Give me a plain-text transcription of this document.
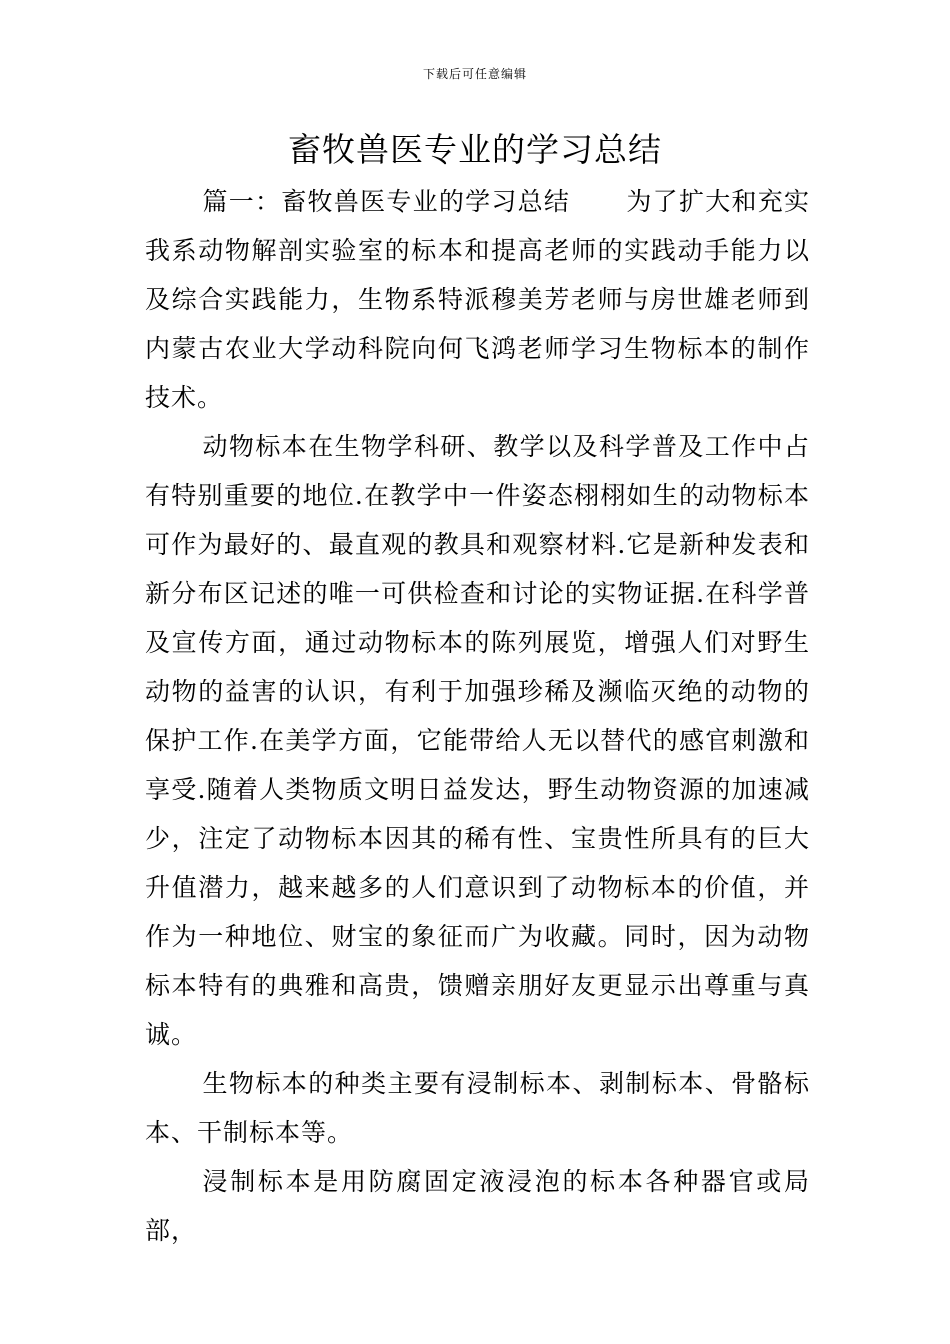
下载后可任意编辑
畜牧兽医专业的学习总结

篇一：畜牧兽医专业的学习总结 为了扩大和充实我系动物解剖实验室的标本和提高老师的实践动手能力以及综合实践能力，生物系特派穆美芳老师与房世雄老师到内蒙古农业大学动科院向何飞鸿老师学习生物标本的制作技术。

动物标本在生物学科研、教学以及科学普及工作中占有特别重要的地位.在教学中一件姿态栩栩如生的动物标本可作为最好的、最直观的教具和观察材料.它是新种发表和新分布区记述的唯一可供检查和讨论的实物证据.在科学普及宣传方面，通过动物标本的陈列展览，增强人们对野生动物的益害的认识，有利于加强珍稀及濒临灭绝的动物的保护工作.在美学方面，它能带给人无以替代的感官刺激和享受.随着人类物质文明日益发达，野生动物资源的加速减少，注定了动物标本因其的稀有性、宝贵性所具有的巨大升值潜力，越来越多的人们意识到了动物标本的价值，并作为一种地位、财宝的象征而广为收藏。同时，因为动物标本特有的典雅和高贵，馈赠亲朋好友更显示出尊重与真诚。

生物标本的种类主要有浸制标本、剥制标本、骨骼标本、干制标本等。

浸制标本是用防腐固定液浸泡的标本各种器官或局部，
